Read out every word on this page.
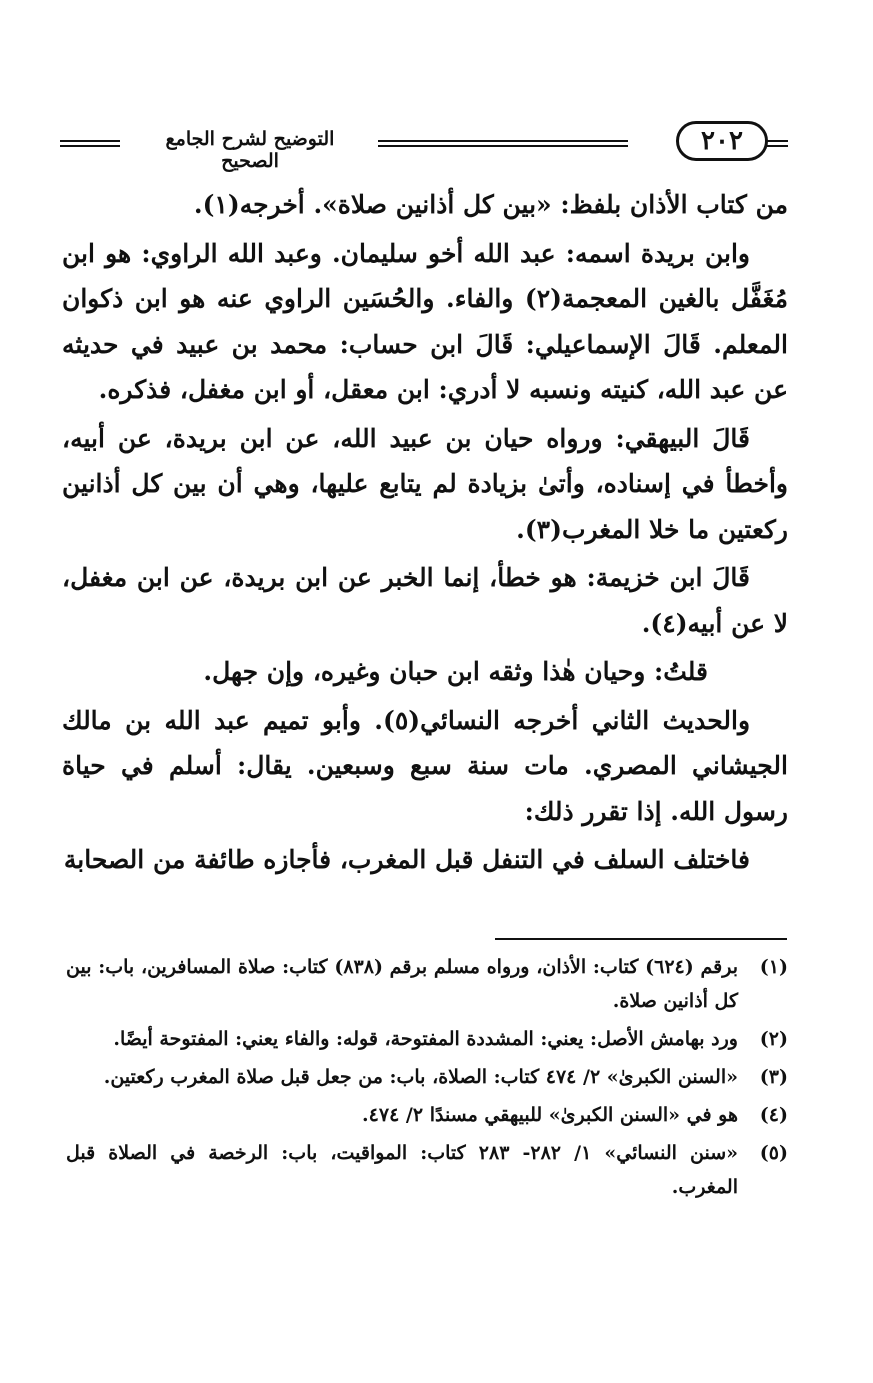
٢٠٢
التوضيح لشرح الجامع الصحيح

من كتاب الأذان بلفظ: «بين كل أذانين صلاة». أخرجه(١).

وابن بريدة اسمه: عبد الله أخو سليمان. وعبد الله الراوي: هو ابن مُغَفَّل بالغين المعجمة(٢) والفاء. والحُسَين الراوي عنه هو ابن ذكوان المعلم. قَالَ الإسماعيلي: قَالَ ابن حساب: محمد بن عبيد في حديثه عن عبد الله، كنيته ونسبه لا أدري: ابن معقل، أو ابن مغفل، فذكره.

قَالَ البيهقي: ورواه حيان بن عبيد الله، عن ابن بريدة، عن أبيه، وأخطأ في إسناده، وأتىٰ بزيادة لم يتابع عليها، وهي أن بين كل أذانين ركعتين ما خلا المغرب(٣).

قَالَ ابن خزيمة: هو خطأ، إنما الخبر عن ابن بريدة، عن ابن مغفل، لا عن أبيه(٤).

قلتُ: وحيان هٰذا وثقه ابن حبان وغيره، وإن جهل.

والحديث الثاني أخرجه النسائي(٥). وأبو تميم عبد الله بن مالك الجيشاني المصري. مات سنة سبع وسبعين. يقال: أسلم في حياة رسول الله. إذا تقرر ذلك:

فاختلف السلف في التنفل قبل المغرب، فأجازه طائفة من الصحابة

(١)
برقم (٦٢٤) كتاب: الأذان، ورواه مسلم برقم (٨٣٨) كتاب: صلاة المسافرين، باب: بين كل أذانين صلاة.
(٢)
ورد بهامش الأصل: يعني: المشددة المفتوحة، قوله: والفاء يعني: المفتوحة أيضًا.
(٣)
«السنن الكبرىٰ» ٢/ ٤٧٤ كتاب: الصلاة، باب: من جعل قبل صلاة المغرب ركعتين.
(٤)
هو في «السنن الكبرىٰ» للبيهقي مسندًا ٢/ ٤٧٤.
(٥)
«سنن النسائي» ١/ ٢٨٢- ٢٨٣ كتاب: المواقيت، باب: الرخصة في الصلاة قبل المغرب.
